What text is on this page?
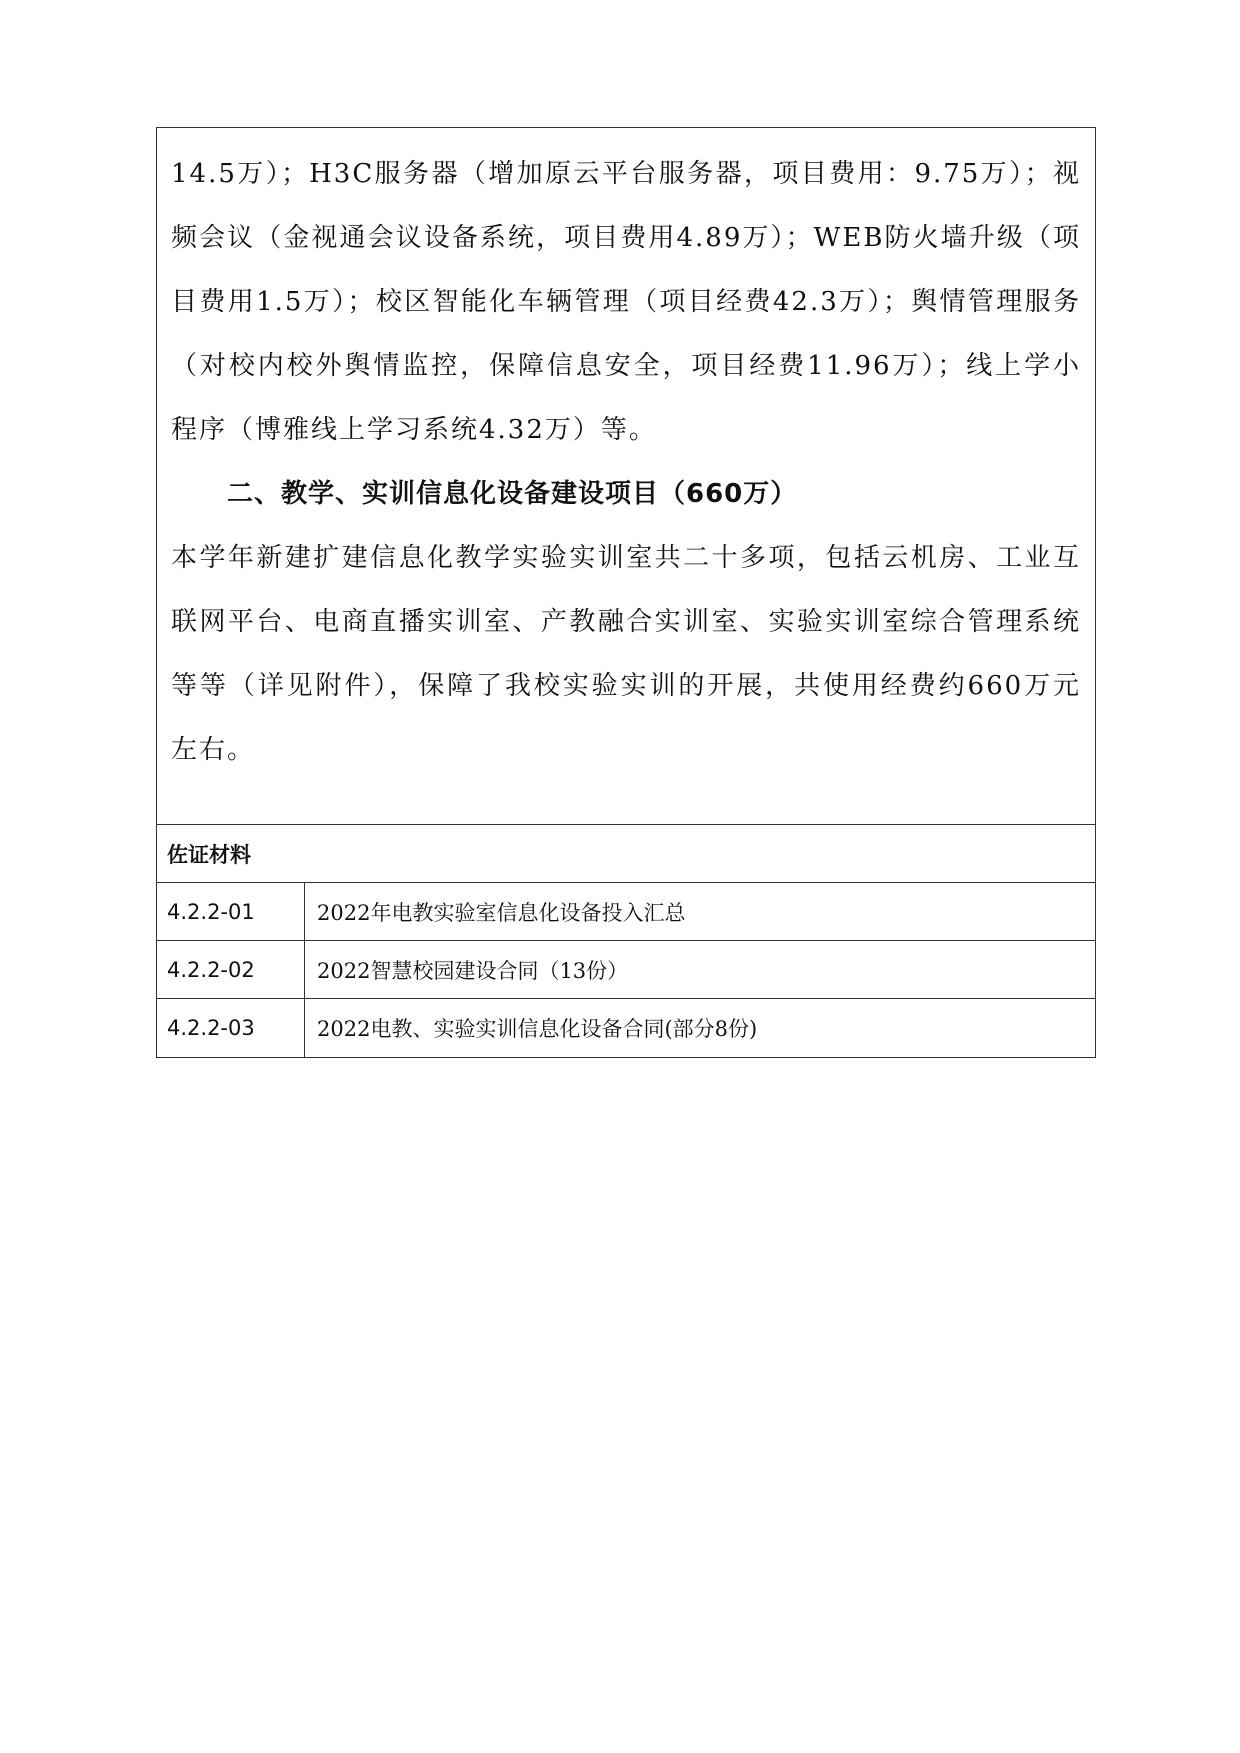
14.5万）；H3C服务器（增加原云平台服务器，项目费用：9.75万）；视频会议（金视通会议设备系统，项目费用4.89万）；WEB防火墙升级（项目费用1.5万）；校区智能化车辆管理（项目经费42.3万）；舆情管理服务（对校内校外舆情监控，保障信息安全，项目经费11.96万）；线上学小程序（博雅线上学习系统4.32万）等。

二、教学、实训信息化设备建设项目（660万）

本学年新建扩建信息化教学实验实训室共二十多项，包括云机房、工业互联网平台、电商直播实训室、产教融合实训室、实验实训室综合管理系统等等（详见附件），保障了我校实验实训的开展，共使用经费约660万元左右。

佐证材料
4.2.2-01	2022年电教实验室信息化设备投入汇总
4.2.2-02	2022智慧校园建设合同（13份）
4.2.2-03	2022电教、实验实训信息化设备合同(部分8份)
